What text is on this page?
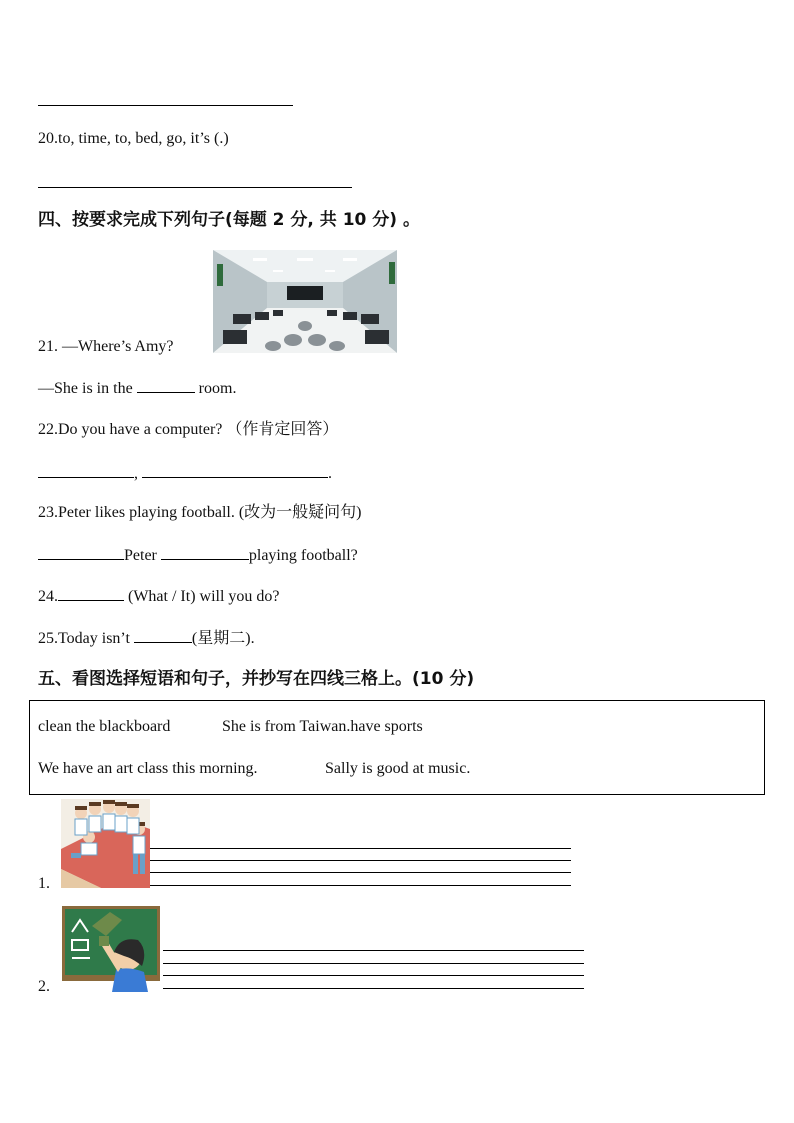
20.to, time, to, bed, go, it’s (.)
四、按要求完成下列句子(每题 2 分, 共 10 分) 。
21. —Where’s Amy?
—She is in the	room.
22.Do you have a computer? （作肯定回答）
,	.
23.Peter likes playing football. (改为一般疑问句)
Peter	playing football?
24.	(What / It) will you do?
25.Today isn’t	(星期二).
五、看图选择短语和句子，并抄写在四线三格上。(10 分)
clean the blackboard	She is from Taiwan.have sports
We have an art class this morning.	Sally is good at music.
1.
2.
